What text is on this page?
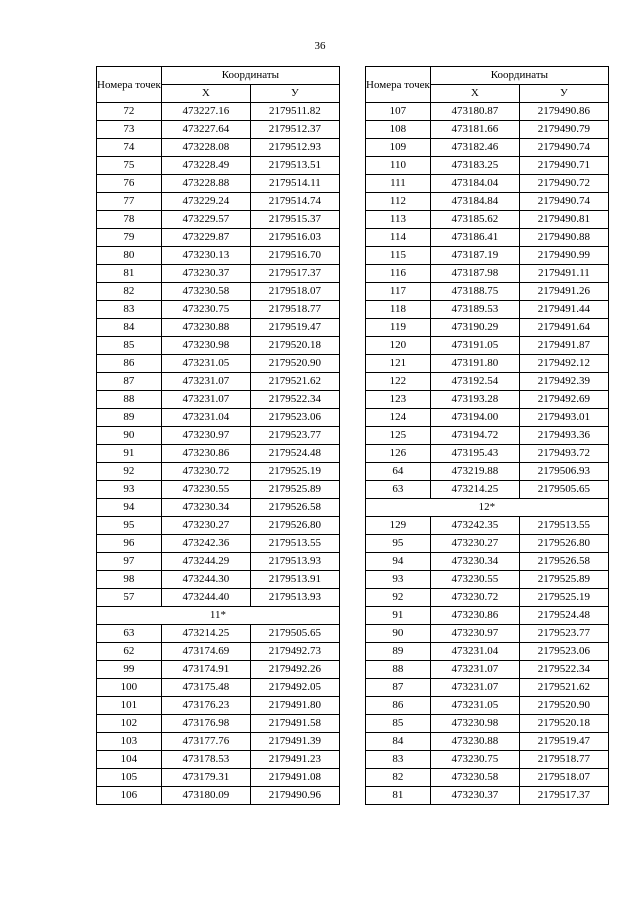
36
Номера точек	Координаты	
	X	У
72	473227.16	2179511.82
73	473227.64	2179512.37
74	473228.08	2179512.93
75	473228.49	2179513.51
76	473228.88	2179514.11
77	473229.24	2179514.74
78	473229.57	2179515.37
79	473229.87	2179516.03
80	473230.13	2179516.70
81	473230.37	2179517.37
82	473230.58	2179518.07
83	473230.75	2179518.77
84	473230.88	2179519.47
85	473230.98	2179520.18
86	473231.05	2179520.90
87	473231.07	2179521.62
88	473231.07	2179522.34
89	473231.04	2179523.06
90	473230.97	2179523.77
91	473230.86	2179524.48
92	473230.72	2179525.19
93	473230.55	2179525.89
94	473230.34	2179526.58
95	473230.27	2179526.80
96	473242.36	2179513.55
97	473244.29	2179513.93
98	473244.30	2179513.91
57	473244.40	2179513.93
11*		
63	473214.25	2179505.65
62	473174.69	2179492.73
99	473174.91	2179492.26
100	473175.48	2179492.05
101	473176.23	2179491.80
102	473176.98	2179491.58
103	473177.76	2179491.39
104	473178.53	2179491.23
105	473179.31	2179491.08
106	473180.09	2179490.96
Номера точек	Координаты	
	X	У
107	473180.87	2179490.86
108	473181.66	2179490.79
109	473182.46	2179490.74
110	473183.25	2179490.71
111	473184.04	2179490.72
112	473184.84	2179490.74
113	473185.62	2179490.81
114	473186.41	2179490.88
115	473187.19	2179490.99
116	473187.98	2179491.11
117	473188.75	2179491.26
118	473189.53	2179491.44
119	473190.29	2179491.64
120	473191.05	2179491.87
121	473191.80	2179492.12
122	473192.54	2179492.39
123	473193.28	2179492.69
124	473194.00	2179493.01
125	473194.72	2179493.36
126	473195.43	2179493.72
64	473219.88	2179506.93
63	473214.25	2179505.65
12*		
129	473242.35	2179513.55
95	473230.27	2179526.80
94	473230.34	2179526.58
93	473230.55	2179525.89
92	473230.72	2179525.19
91	473230.86	2179524.48
90	473230.97	2179523.77
89	473231.04	2179523.06
88	473231.07	2179522.34
87	473231.07	2179521.62
86	473231.05	2179520.90
85	473230.98	2179520.18
84	473230.88	2179519.47
83	473230.75	2179518.77
82	473230.58	2179518.07
81	473230.37	2179517.37
